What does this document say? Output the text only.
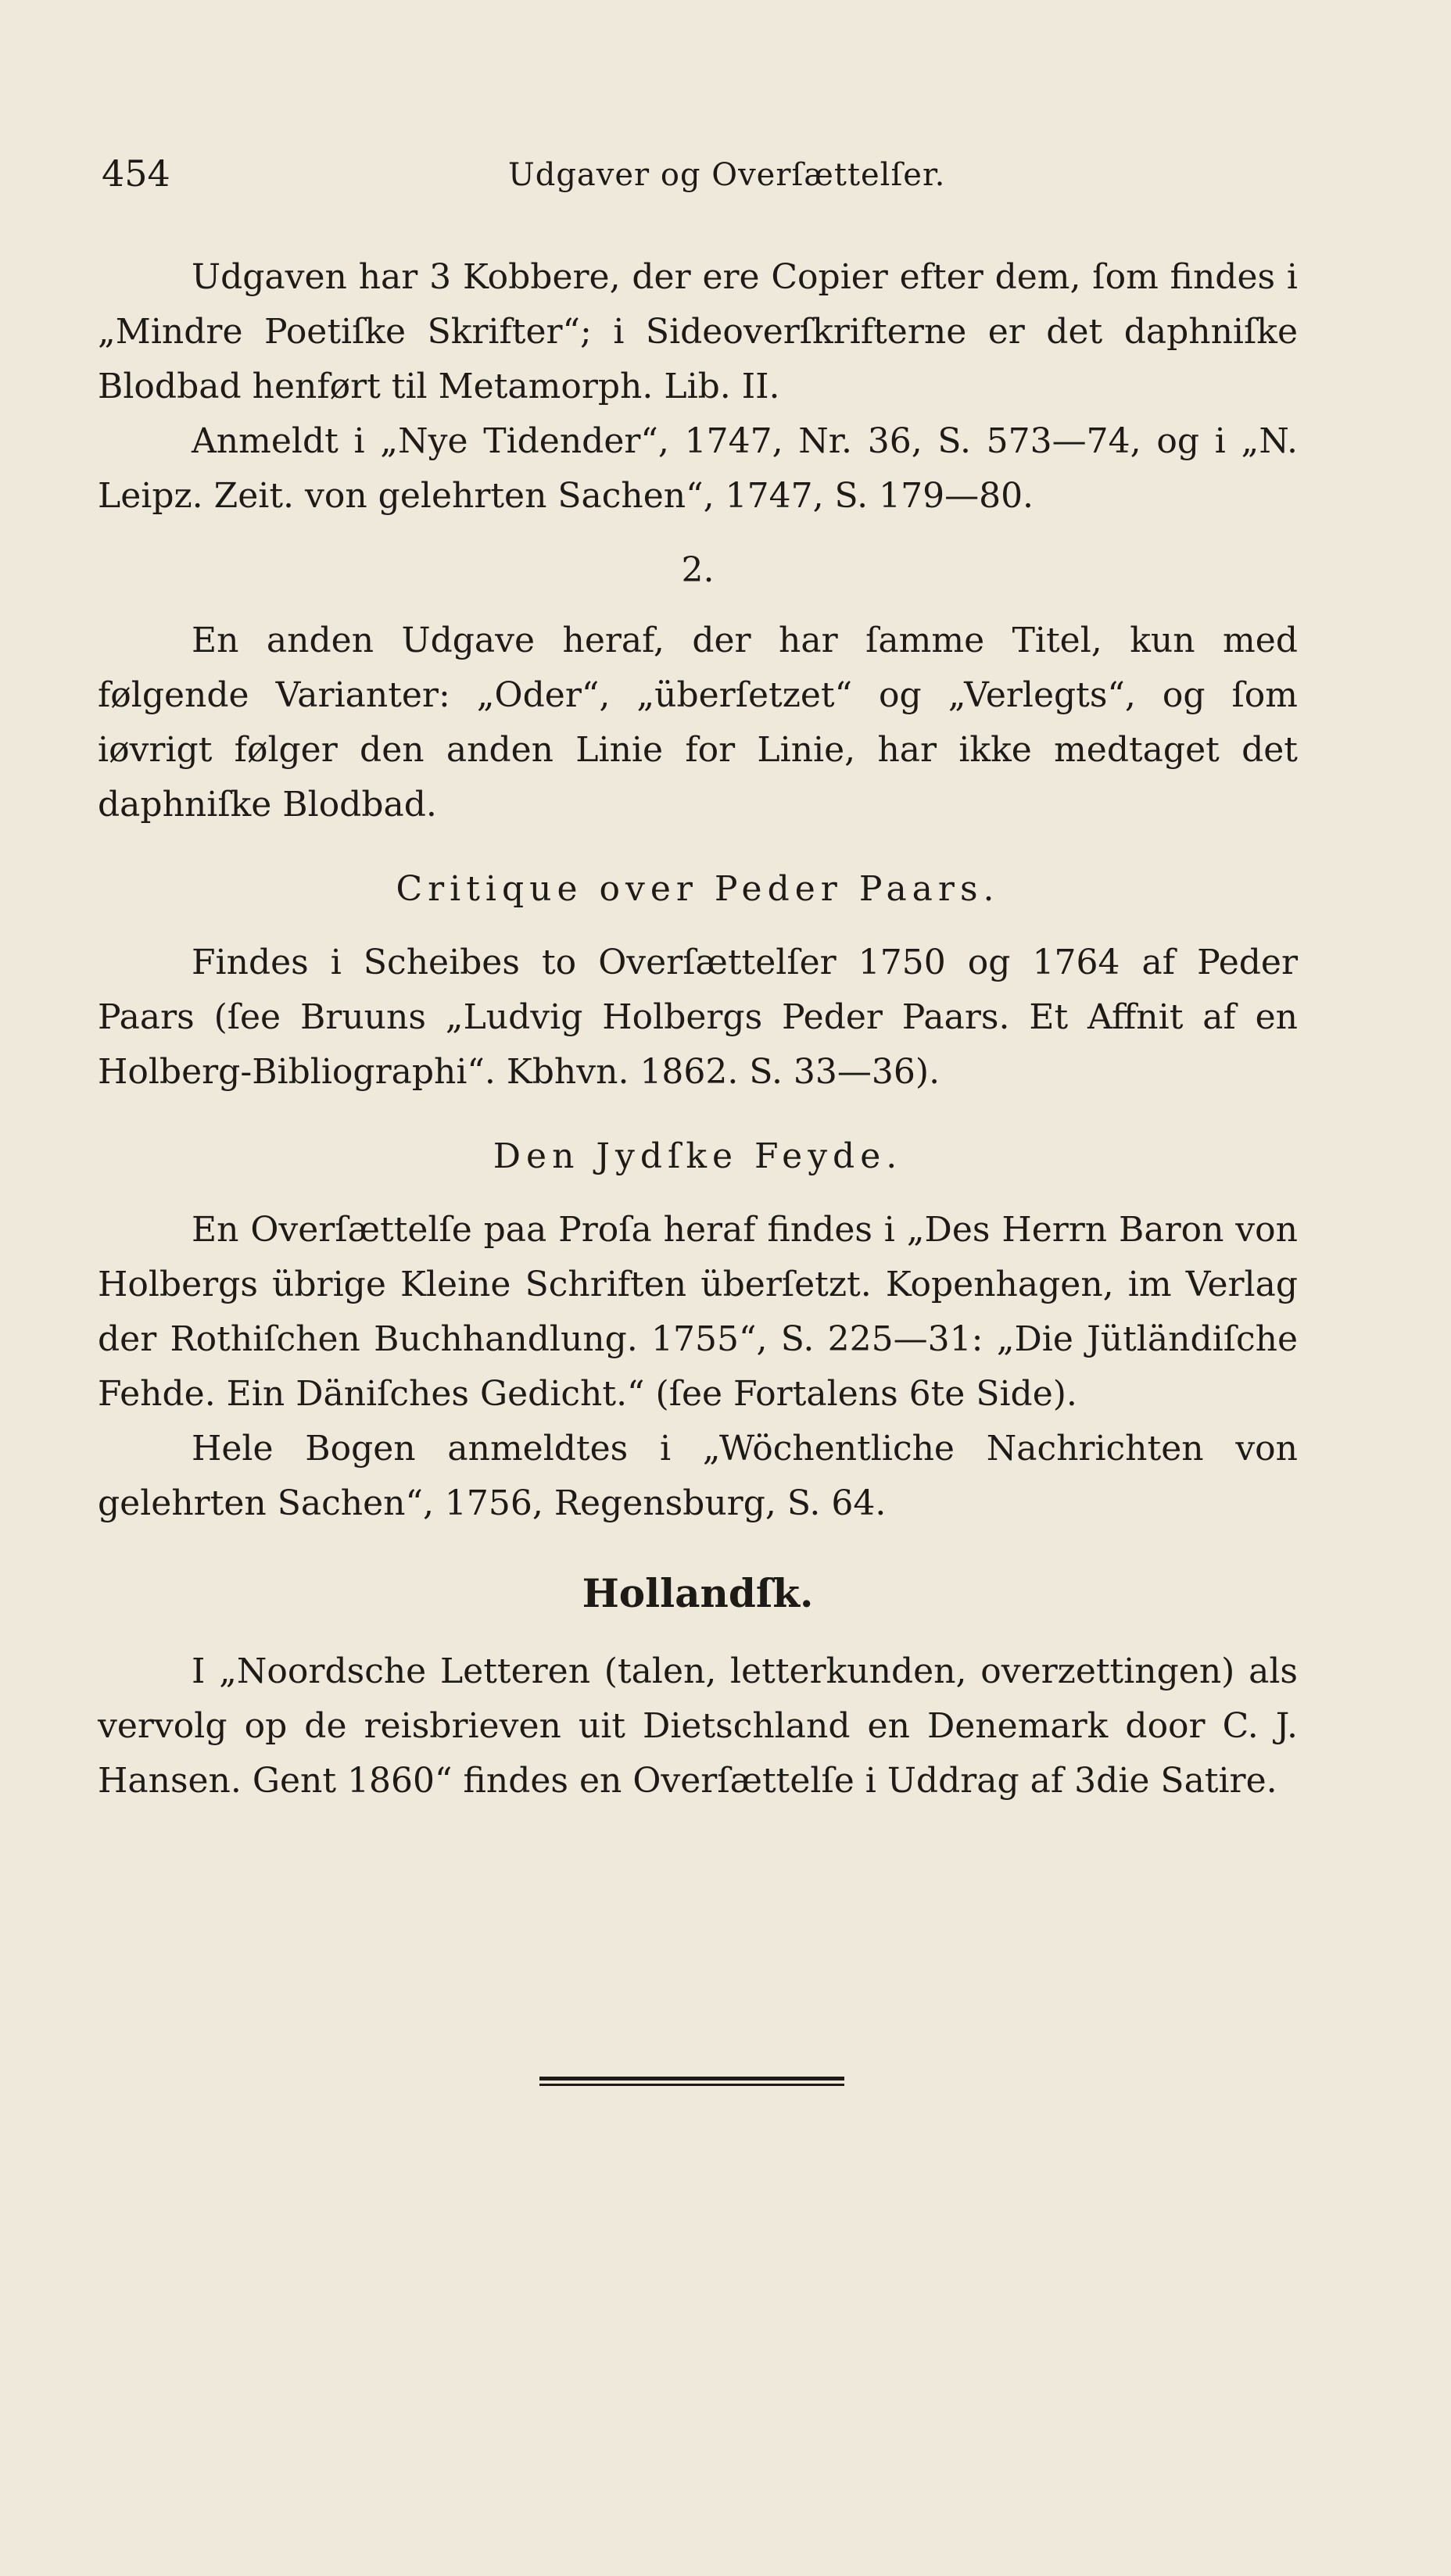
454	Udgaver og Overſættelſer.

Udgaven har 3 Kobbere, der ere Copier efter dem, ſom findes i „Mindre Poetiſke Skrifter“; i Sideoverſkrifterne er det daphniſke Blodbad henført til Metamorph. Lib. II.

Anmeldt i „Nye Tidender“, 1747, Nr. 36, S. 573—74, og i „N. Leipz. Zeit. von gelehrten Sachen“, 1747, S. 179—80.

2.

En anden Udgave heraf, der har ſamme Titel, kun med følgende Varianter: „Oder“, „überſetzet“ og „Verlegts“, og ſom iøvrigt følger den anden Linie for Linie, har ikke medtaget det daphniſke Blodbad.

Critique over Peder Paars.

Findes i Scheibes to Overſættelſer 1750 og 1764 af Peder Paars (ſee Bruuns „Ludvig Holbergs Peder Paars. Et Affnit af en Holberg-Bibliographi“. Kbhvn. 1862. S. 33—36).

Den Jydſke Feyde.

En Overſættelſe paa Proſa heraf findes i „Des Herrn Baron von Holbergs übrige Kleine Schriften überſetzt. Kopenhagen, im Verlag der Rothiſchen Buchhandlung. 1755“, S. 225—31: „Die Jütländiſche Fehde. Ein Däniſches Gedicht.“ (ſee Fortalens 6te Side).

Hele Bogen anmeldtes i „Wöchentliche Nachrichten von gelehrten Sachen“, 1756, Regensburg, S. 64.

Hollandſk.

I „Noordsche Letteren (talen, letterkunden, overzettingen) als vervolg op de reisbrieven uit Dietschland en Denemark door C. J. Hansen. Gent 1860“ findes en Overſættelſe i Uddrag af 3die Satire.
